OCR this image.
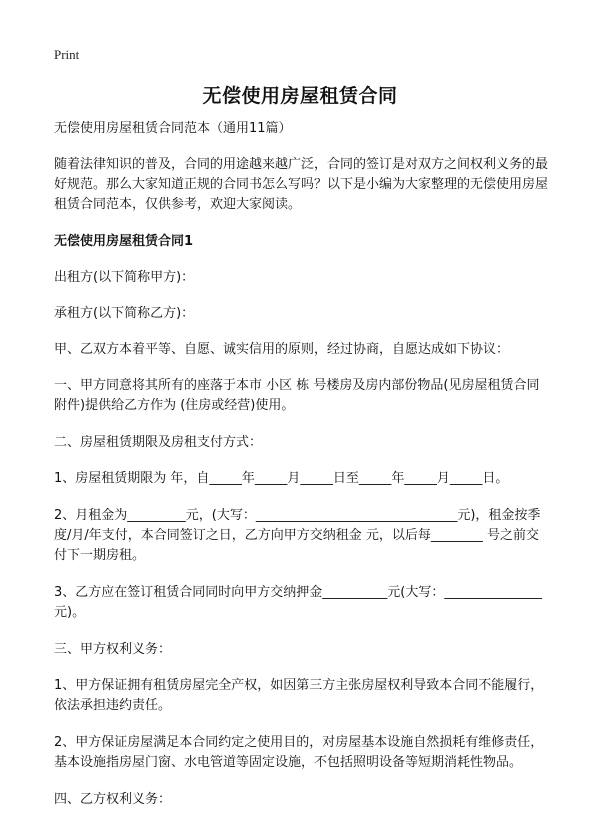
Print
无偿使用房屋租赁合同

无偿使用房屋租赁合同范本（通用11篇）

随着法律知识的普及，合同的用途越来越广泛，合同的签订是对双方之间权利义务的最好规范。那么大家知道正规的合同书怎么写吗？以下是小编为大家整理的无偿使用房屋租赁合同范本，仅供参考，欢迎大家阅读。

无偿使用房屋租赁合同1

出租方(以下简称甲方)：

承租方(以下简称乙方)：

甲、乙双方本着平等、自愿、诚实信用的原则，经过协商，自愿达成如下协议：

一、甲方同意将其所有的座落于本市 小区 栋 号楼房及房内部份物品(见房屋租赁合同附件)提供给乙方作为 (住房或经营)使用。

二、房屋租赁期限及房租支付方式：

1、房屋租赁期限为 年，自_____年_____月_____日至_____年_____月_____日。

2、月租金为_________元，(大写：_______________________________元)，租金按季度/月/年支付，本合同签订之日，乙方向甲方交纳租金 元，以后每________ 号之前交付下一期房租。

3、乙方应在签订租赁合同同时向甲方交纳押金__________元(大写：_______________元)。

三、甲方权利义务：

1、甲方保证拥有租赁房屋完全产权，如因第三方主张房屋权利导致本合同不能履行，依法承担违约责任。

2、甲方保证房屋满足本合同约定之使用目的，对房屋基本设施自然损耗有维修责任，基本设施指房屋门窗、水电管道等固定设施，不包括照明设备等短期消耗性物品。

四、乙方权利义务：
